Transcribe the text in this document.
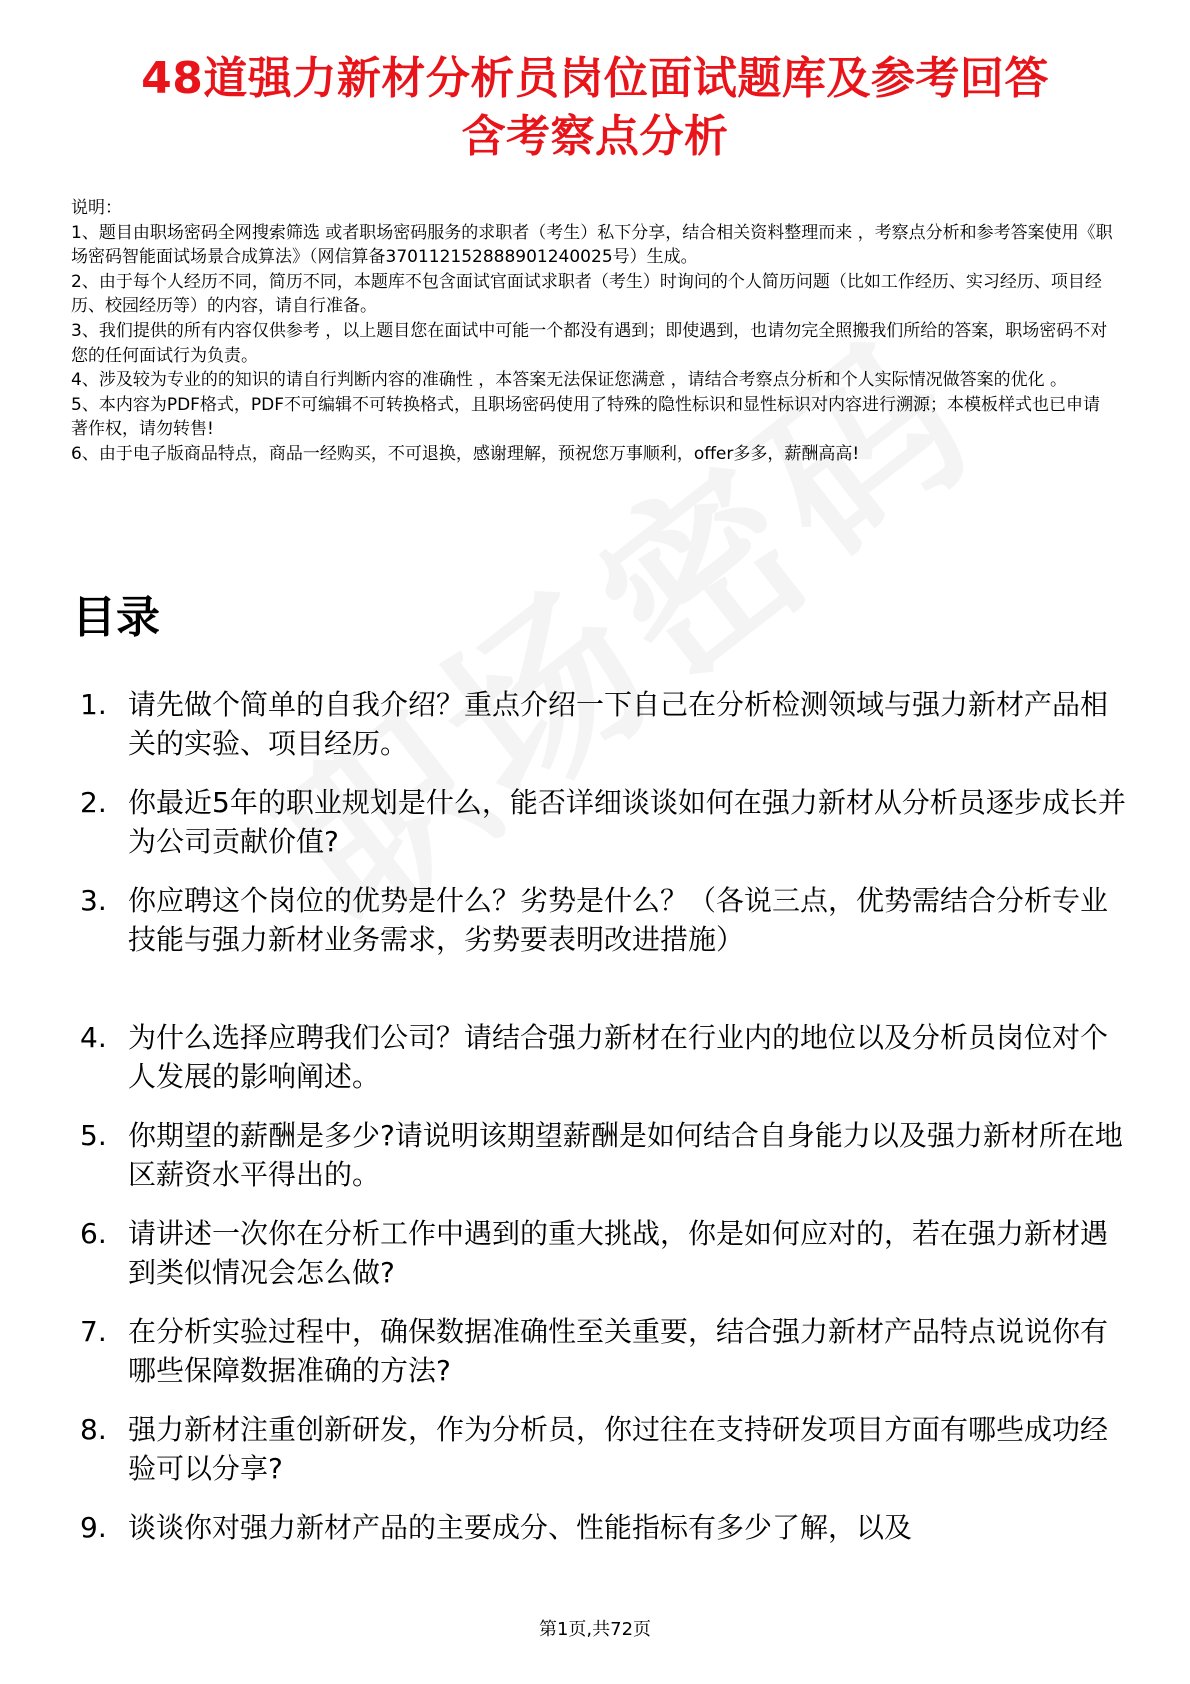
48道强力新材分析员岗位面试题库及参考回答
含考察点分析

说明：

1、题目由职场密码全网搜索筛选 或者职场密码服务的求职者（考生）私下分享，结合相关资料整理而来 ，考察点分析和参考答案使用《职场密码智能面试场景合成算法》（网信算备370112152888901240025号）生成。

2、由于每个人经历不同，简历不同，本题库不包含面试官面试求职者（考生）时询问的个人简历问题（比如工作经历、实习经历、项目经历、校园经历等）的内容，请自行准备。

3、我们提供的所有内容仅供参考 ，以上题目您在面试中可能一个都没有遇到；即使遇到，也请勿完全照搬我们所给的答案，职场密码不对您的任何面试行为负责。

4、涉及较为专业的的知识的请自行判断内容的准确性 ，本答案无法保证您满意 ，请结合考察点分析和个人实际情况做答案的优化 。

5、本内容为PDF格式，PDF不可编辑不可转换格式，且职场密码使用了特殊的隐性标识和显性标识对内容进行溯源；本模板样式也已申请著作权，请勿转售!

6、由于电子版商品特点，商品一经购买，不可退换，感谢理解，预祝您万事顺利，offer多多，薪酬高高!

目录
1. 请先做个简单的自我介绍？重点介绍一下自己在分析检测领域与强力新材产品相关的实验、项目经历。
2. 你最近5年的职业规划是什么，能否详细谈谈如何在强力新材从分析员逐步成长并为公司贡献价值?
3. 你应聘这个岗位的优势是什么？劣势是什么？（各说三点，优势需结合分析专业技能与强力新材业务需求，劣势要表明改进措施）
4. 为什么选择应聘我们公司？请结合强力新材在行业内的地位以及分析员岗位对个人发展的影响阐述。
5. 你期望的薪酬是多少?请说明该期望薪酬是如何结合自身能力以及强力新材所在地区薪资水平得出的。
6. 请讲述一次你在分析工作中遇到的重大挑战，你是如何应对的，若在强力新材遇到类似情况会怎么做?
7. 在分析实验过程中，确保数据准确性至关重要，结合强力新材产品特点说说你有哪些保障数据准确的方法?
8. 强力新材注重创新研发，作为分析员，你过往在支持研发项目方面有哪些成功经验可以分享?
9. 谈谈你对强力新材产品的主要成分、性能指标有多少了解，以及
第1页,共72页
